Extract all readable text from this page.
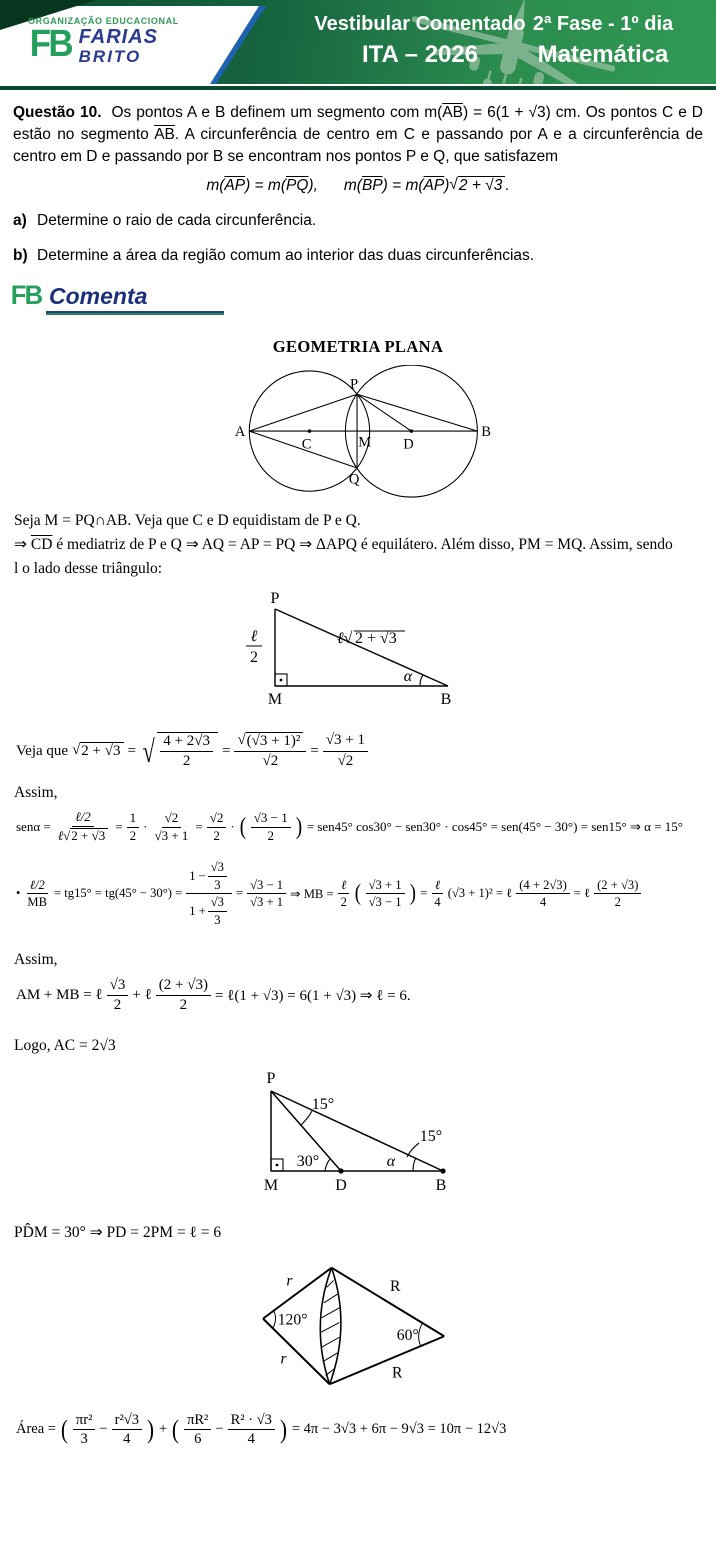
ORGANIZAÇÃO EDUCACIONAL
FB FARIAS
BRITO
Vestibular Comentado
ITA – 2026
2ª Fase - 1º dia
Matemática

Questão 10. Os pontos A e B definem um segmento com $m(\overline{AB}) = 6(1 + √3)$ cm. Os pontos C e D estão no segmento $\overline{AB}$. A circunferência de centro em C e passando por A e a circunferência de centro em D e passando por B se encontram nos pontos P e Q, que satisfazem

m( $\overline{AP}$ ) = m( $\overline{PQ}$ ), m( $\overline{BP}$ ) = m( $\overline{AP}$ ) √ 2 + √3 .
a) Determine o raio de cada circunferência.
b) Determine a área da região comum ao interior das duas circunferências.
FB Comenta
GEOMETRIA PLANA
A	B
C	M D
P
Q

Seja M = PQ∩AB. Veja que C e D equidistam de P e Q.
⇒ $\overline{CD}$ é mediatriz de P e Q ⇒ AQ = AP = PQ ⇒ ΔAPQ é equilátero. Além disso, PM = MQ. Assim, sendo
l o lado desse triângulo:

P
M	B
α
ℓ
2
ℓ√ 2 + √3
Veja que √ 2 + √3 = √ $\frac{4 + 2√3}{2}$ = √ $\frac{\text{(√3 + 1)²}}{√2} = \frac{√3 + 1}{√2}$
Assim,
senα =
ℓ/2
ℓ √ 2 + √3
= $\frac{1}{2} \cdot \frac{√2}{√3 + 1} = \frac{√2}{2}$ · ( √3 − 1
2 ) = sen45° cos30° − sen30° · cos45° = sen(45° − 30°) = sen15° ⇒ α = 15°
•
ℓ/2
MB
= $tg15^\circ = tg(45^\circ - 30^\circ) = \frac{1 - \frac{√3}{3}}{1 + \frac{√3}{3}} = \frac{√3 - 1}{√3 + 1}$ ⇒ MB =
ℓ
2 ( √3 + 1
√3 − 1 ) =
ℓ
4
(√3 + 1)² = ℓ $\frac{(4 + 2√3)}{4}$ = ℓ
(2 + √3)
2
Assim,
AM + MB = ℓ
√3
2
+ ℓ $\frac{(2 + √3)}{2}$ = ℓ(1 + √3) = 6(1 + √3) ⇒ ℓ = 6.
Logo, AC = 2√3
P
M	D	B
15°
30°	α
15°
PD̂M = 30° ⇒ PD = 2PM = ℓ = 6
r
r
R
R
120°
60°
Área = ( πr²
3
− $\frac{\text{r²√3}}{4}$ ) + ( πR²
6
− $\frac{\text{R² · √3}}{4}$ ) = 4π − 3√3 + 6π − 9√3 = 10π − 12√3
